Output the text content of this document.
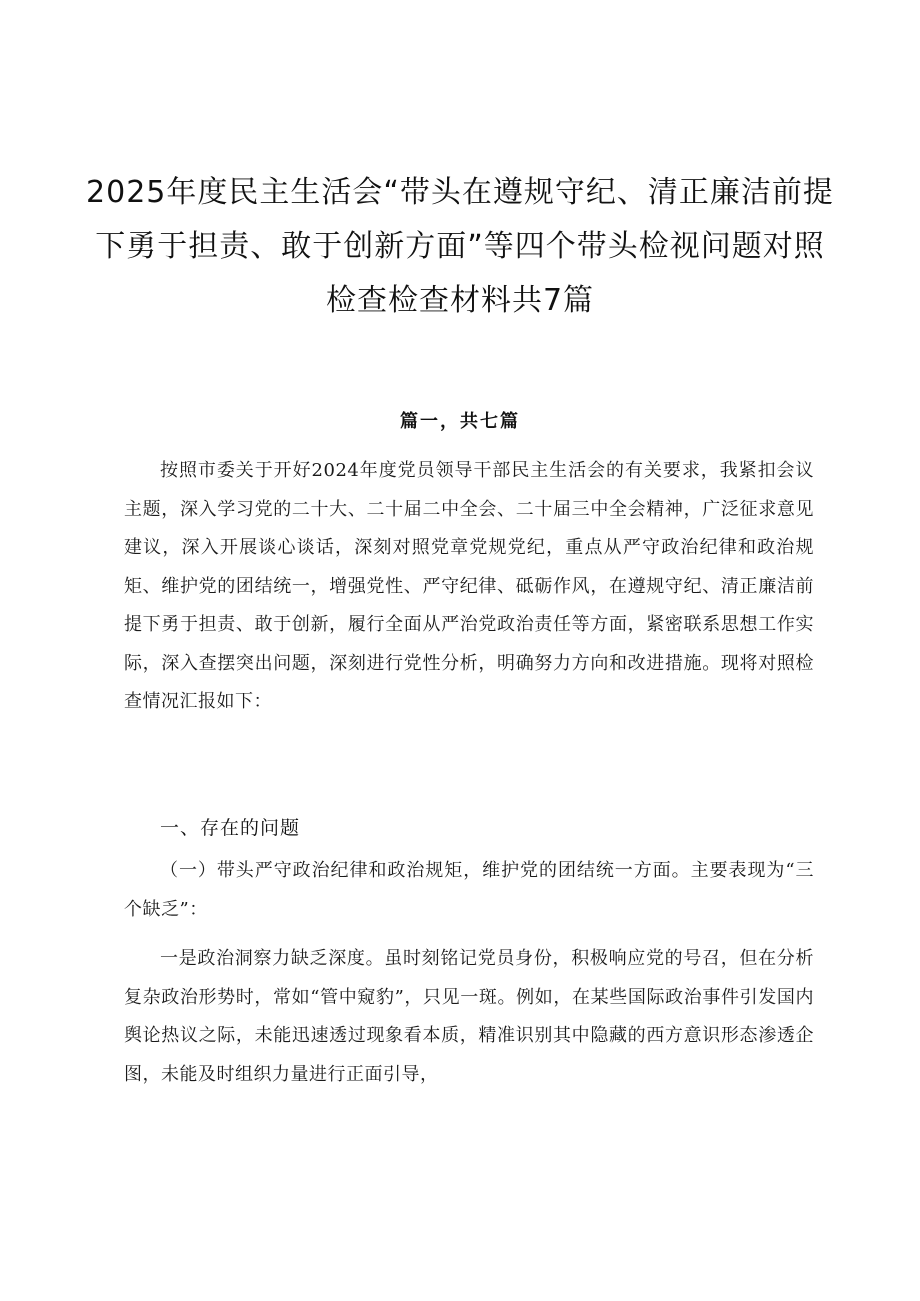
2025年度民主生活会“带头在遵规守纪、清正廉洁前提下勇于担责、敢于创新方面”等四个带头检视问题对照检查检查材料共7篇
篇一，共七篇

按照市委关于开好2024年度党员领导干部民主生活会的有关要求，我紧扣会议主题，深入学习党的二十大、二十届二中全会、二十届三中全会精神，广泛征求意见建议，深入开展谈心谈话，深刻对照党章党规党纪，重点从严守政治纪律和政治规矩、维护党的团结统一，增强党性、严守纪律、砥砺作风，在遵规守纪、清正廉洁前提下勇于担责、敢于创新，履行全面从严治党政治责任等方面，紧密联系思想工作实际，深入查摆突出问题，深刻进行党性分析，明确努力方向和改进措施。现将对照检查情况汇报如下：

一、存在的问题

（一）带头严守政治纪律和政治规矩，维护党的团结统一方面。主要表现为“三个缺乏”：

一是政治洞察力缺乏深度。虽时刻铭记党员身份，积极响应党的号召，但在分析复杂政治形势时，常如“管中窥豹”，只见一斑。例如，在某些国际政治事件引发国内舆论热议之际，未能迅速透过现象看本质，精准识别其中隐藏的西方意识形态渗透企图，未能及时组织力量进行正面引导，
